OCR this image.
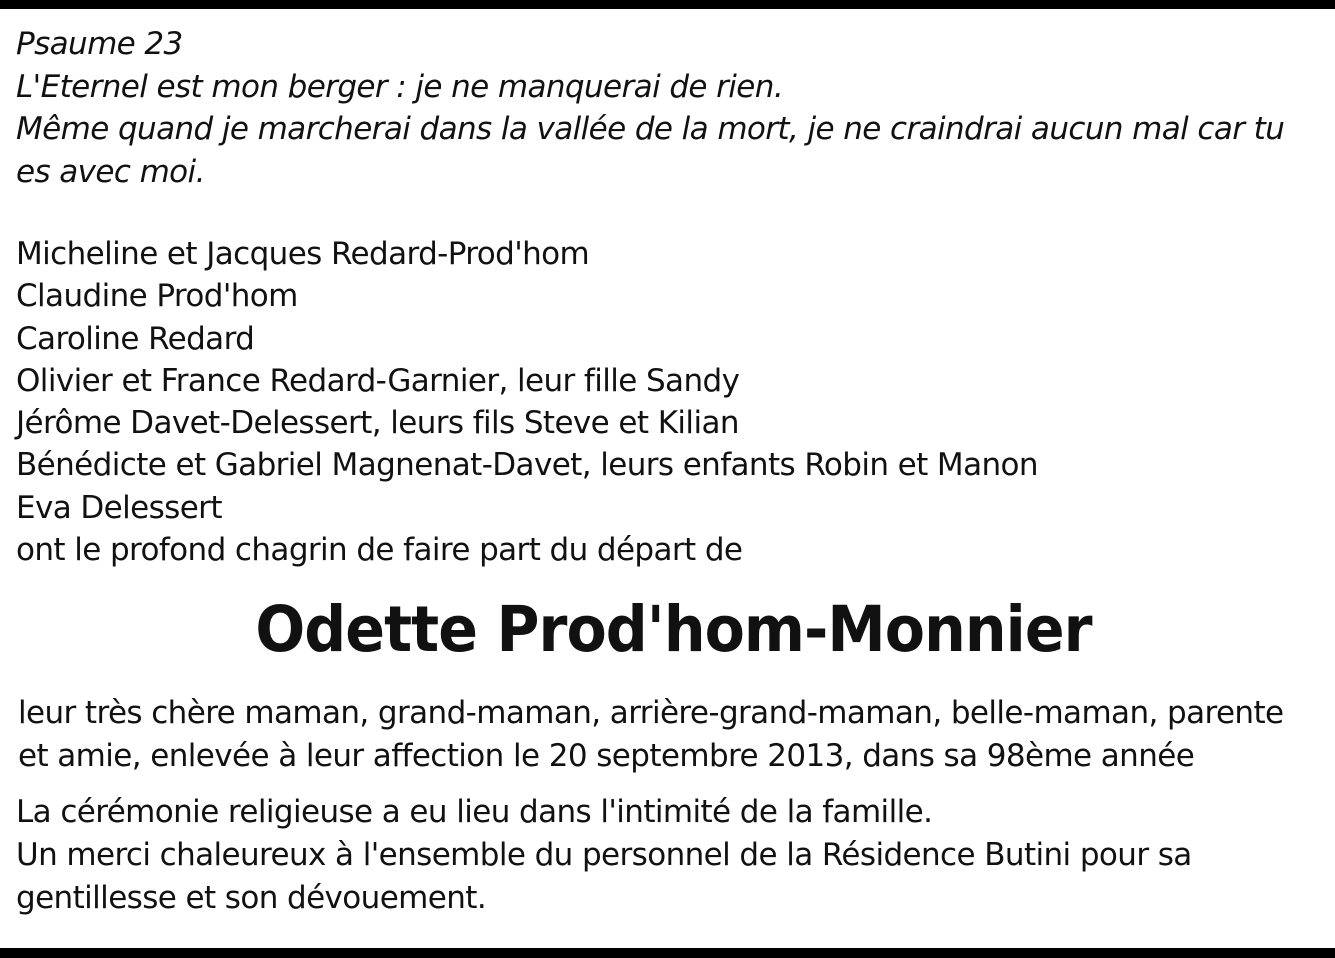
Psaume 23
L'Eternel est mon berger : je ne manquerai de rien.
Même quand je marcherai dans la vallée de la mort, je ne craindrai aucun mal car tu
es avec moi.
Micheline et Jacques Redard-Prod'hom
Claudine Prod'hom
Caroline Redard
Olivier et France Redard-Garnier, leur fille Sandy
Jérôme Davet-Delessert, leurs fils Steve et Kilian
Bénédicte et Gabriel Magnenat-Davet, leurs enfants Robin et Manon
Eva Delessert
ont le profond chagrin de faire part du départ de
Odette Prod'hom-Monnier
leur très chère maman, grand-maman, arrière-grand-maman, belle-maman, parente
et amie, enlevée à leur affection le 20 septembre 2013, dans sa 98ème année
La cérémonie religieuse a eu lieu dans l'intimité de la famille.
Un merci chaleureux à l'ensemble du personnel de la Résidence Butini pour sa
gentillesse et son dévouement.
